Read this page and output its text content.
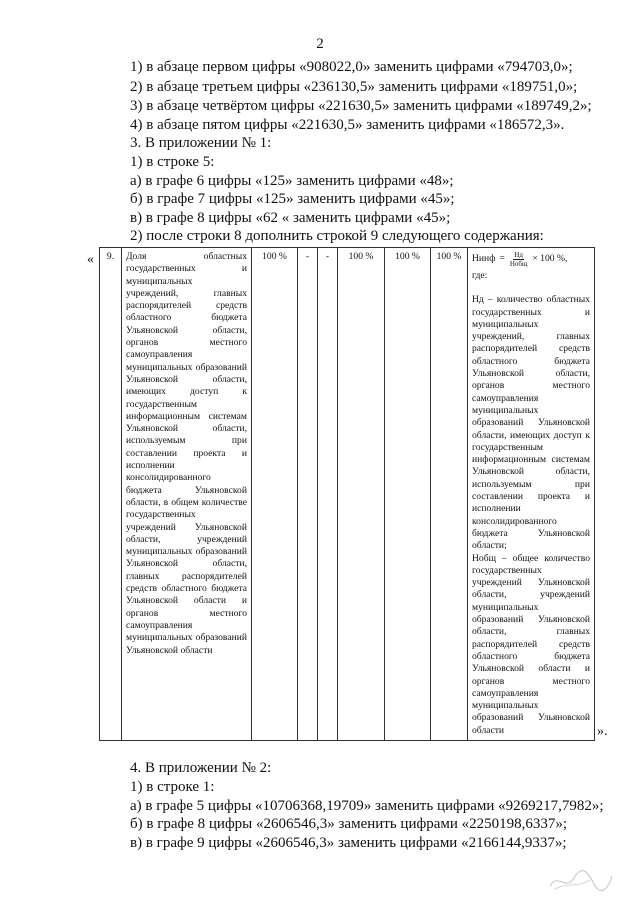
2
1) в абзаце первом цифры «908022,0» заменить цифрами «794703,0»;
2) в абзаце третьем цифры «236130,5» заменить цифрами «189751,0»;
3) в абзаце четвёртом цифры «221630,5» заменить цифрами «189749,2»;
4) в абзаце пятом цифры «221630,5» заменить цифрами «186572,3».
3. В приложении № 1:
1) в строке 5:
а) в графе 6 цифры «125» заменить цифрами «48»;
б) в графе 7 цифры «125» заменить цифрами «45»;
в) в графе 8 цифры «62 « заменить цифрами «45»;
2) после строки 8 дополнить строкой 9 следующего содержания:
« 9.	Доля областных государственных и муниципальных учреждений, главных распорядителей средств областного бюджета Ульяновской области, органов местного самоуправления муниципальных образований Ульяновской области, имеющих доступ к государственным информационным системам Ульяновской области, используемым при составлении проекта и исполнении консолидированного бюджета Ульяновской области, в общем количестве государственных учреждений Ульяновской области, учреждений муниципальных образований Ульяновской области, главных распорядителей средств областного бюджета Ульяновской области и органов местного самоуправления муниципальных образований Ульяновской области	100 %	-	-	100 %	100 %	100 %	Нинф = $\frac{Нд}{\text{Нобщ}} \times 100$ %,
где:
Нд – количество областных государственных и муниципальных учреждений, главных распорядителей средств областного бюджета Ульяновской области, органов местного самоуправления муниципальных образований Ульяновской области, имеющих доступ к государственным информационным системам Ульяновской области, используемым при составлении проекта и исполнении консолидированного бюджета Ульяновской области;
Нобщ – общее количество государственных учреждений Ульяновской области, учреждений муниципальных образований Ульяновской области, главных распорядителей средств областного бюджета Ульяновской области и органов местного самоуправления муниципальных образований Ульяновской области	».
4. В приложении № 2:
1) в строке 1:
а) в графе 5 цифры «10706368,19709» заменить цифрами «9269217,7982»;
б) в графе 8 цифры «2606546,3» заменить цифрами «2250198,6337»;
в) в графе 9 цифры «2606546,3» заменить цифрами «2166144,9337»;
